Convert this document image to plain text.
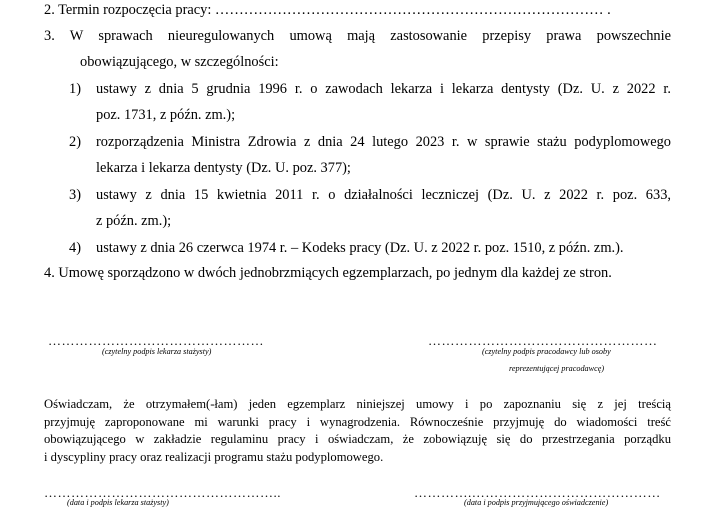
2. Termin rozpoczęcia pracy: ……………………………………………………………………… .
3. W sprawach nieuregulowanych umową mają zastosowanie przepisy prawa powszechnie
obowiązującego, w szczególności:
1) ustawy z dnia 5 grudnia 1996 r. o zawodach lekarza i lekarza dentysty (Dz. U. z 2022 r.
poz. 1731, z późn. zm.);
2) rozporządzenia Ministra Zdrowia z dnia 24 lutego 2023 r. w sprawie stażu podyplomowego
lekarza i lekarza dentysty (Dz. U. poz. 377);
3) ustawy z dnia 15 kwietnia 2011 r. o działalności leczniczej (Dz. U. z 2022 r. poz. 633,
z późn. zm.);
4) ustawy z dnia 26 czerwca 1974 r. – Kodeks pracy (Dz. U. z 2022 r. poz. 1510, z późn. zm.).
4. Umowę sporządzono w dwóch jednobrzmiących egzemplarzach, po jednym dla każdej ze stron.
…………………………………………
(czytelny podpis lekarza stażysty)
……………………………………………
(czytelny podpis pracodawcy lub osoby
reprezentującej pracodawcę)
Oświadczam, że otrzymałem(-łam) jeden egzemplarz niniejszej umowy i po zapoznaniu się z jej treścią
przyjmuję zaproponowane mi warunki pracy i wynagrodzenia. Równocześnie przyjmuję do wiadomości treść
obowiązującego w zakładzie regulaminu pracy i oświadczam, że zobowiązuję się do przestrzegania porządku
i dyscypliny pracy oraz realizacji programu stażu podyplomowego.
……………………………………………..
(data i podpis lekarza stażysty)
………….……………………………………
(data i podpis przyjmującego oświadczenie)
